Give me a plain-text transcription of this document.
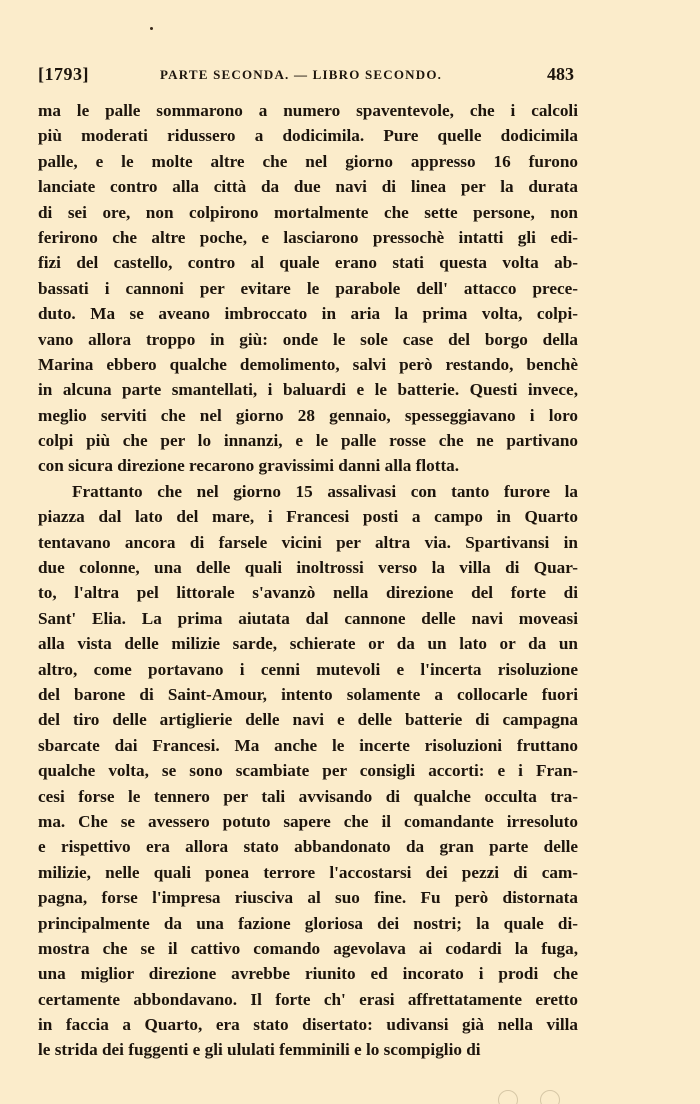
[1793]	PARTE SECONDA. — LIBRO SECONDO.	483
ma le palle sommarono a numero spaventevole, che i calcoli
più moderati ridussero a dodicimila. Pure quelle dodicimila
palle, e le molte altre che nel giorno appresso 16 furono
lanciate contro alla città da due navi di linea per la durata
di sei ore, non colpirono mortalmente che sette persone, non
ferirono che altre poche, e lasciarono pressochè intatti gli edi-
fizi del castello, contro al quale erano stati questa volta ab-
bassati i cannoni per evitare le parabole dell' attacco prece-
duto. Ma se aveano imbroccato in aria la prima volta, colpi-
vano allora troppo in giù: onde le sole case del borgo della
Marina ebbero qualche demolimento, salvi però restando, benchè
in alcuna parte smantellati, i baluardi e le batterie. Questi invece,
meglio serviti che nel giorno 28 gennaio, spesseggiavano i loro
colpi più che per lo innanzi, e le palle rosse che ne partivano
con sicura direzione recarono gravissimi danni alla flotta.
Frattanto che nel giorno 15 assalivasi con tanto furore la
piazza dal lato del mare, i Francesi posti a campo in Quarto
tentavano ancora di farsele vicini per altra via. Spartivansi in
due colonne, una delle quali inoltrossi verso la villa di Quar-
to, l'altra pel littorale s'avanzò nella direzione del forte di
Sant' Elia. La prima aiutata dal cannone delle navi moveasi
alla vista delle milizie sarde, schierate or da un lato or da un
altro, come portavano i cenni mutevoli e l'incerta risoluzione
del barone di Saint-Amour, intento solamente a collocarle fuori
del tiro delle artiglierie delle navi e delle batterie di campagna
sbarcate dai Francesi. Ma anche le incerte risoluzioni fruttano
qualche volta, se sono scambiate per consigli accorti: e i Fran-
cesi forse le tennero per tali avvisando di qualche occulta tra-
ma. Che se avessero potuto sapere che il comandante irresoluto
e rispettivo era allora stato abbandonato da gran parte delle
milizie, nelle quali ponea terrore l'accostarsi dei pezzi di cam-
pagna, forse l'impresa riusciva al suo fine. Fu però distornata
principalmente da una fazione gloriosa dei nostri; la quale di-
mostra che se il cattivo comando agevolava ai codardi la fuga,
una miglior direzione avrebbe riunito ed incorato i prodi che
certamente abbondavano. Il forte ch' erasi affrettatamente eretto
in faccia a Quarto, era stato disertato: udivansi già nella villa
le strida dei fuggenti e gli ululati femminili e lo scompiglio di
